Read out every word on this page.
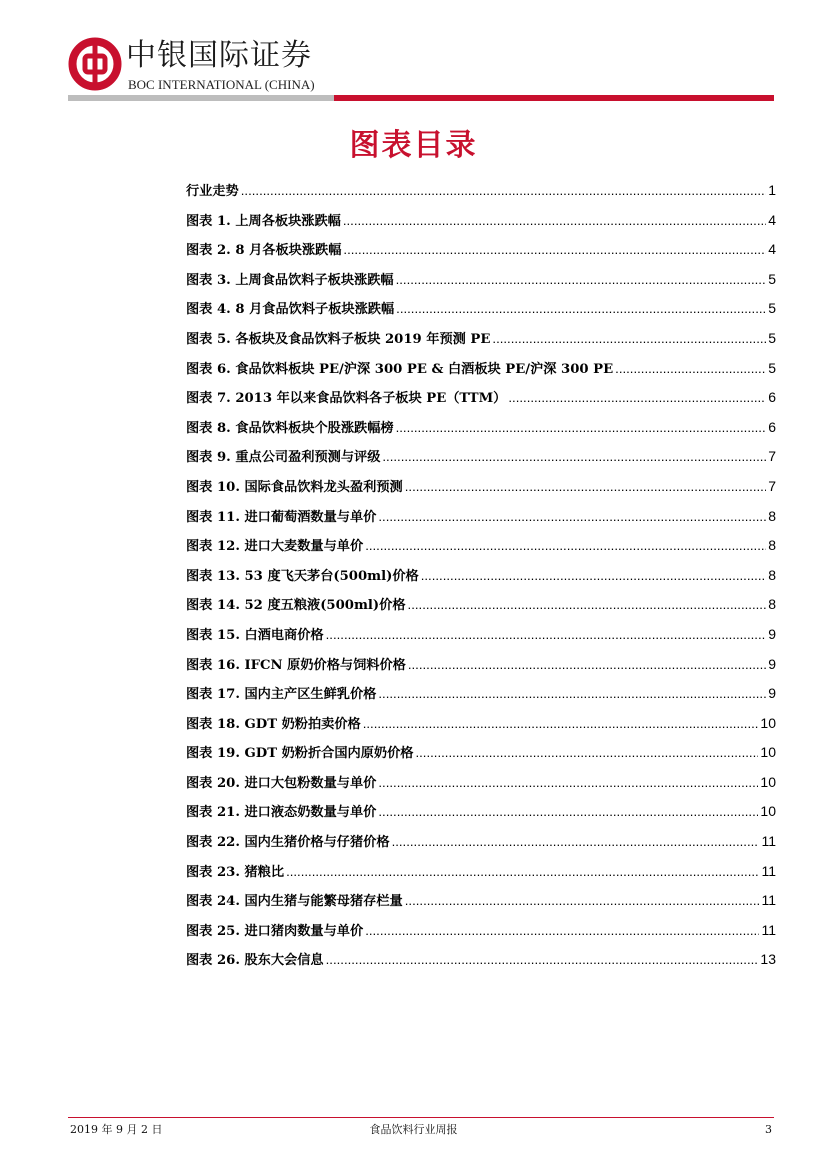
中银国际证券
BOC INTERNATIONAL (CHINA)
图表目录
行业走势 .....	1
图表 1. 上周各板块涨跌幅 .....	4
图表 2. 8 月各板块涨跌幅 .....	4
图表 3. 上周食品饮料子板块涨跌幅 .....	5
图表 4. 8 月食品饮料子板块涨跌幅 .....	5
图表 5. 各板块及食品饮料子板块 2019 年预测 PE .....	5
图表 6. 食品饮料板块 PE/沪深 300 PE & 白酒板块 PE/沪深 300 PE .....	5
图表 7. 2013 年以来食品饮料各子板块 PE（TTM） .....	6
图表 8. 食品饮料板块个股涨跌幅榜 .....	6
图表 9. 重点公司盈利预测与评级 .....	7
图表 10. 国际食品饮料龙头盈利预测 .....	7
图表 11. 进口葡萄酒数量与单价 .....	8
图表 12. 进口大麦数量与单价 .....	8
图表 13. 53 度飞天茅台(500ml)价格 .....	8
图表 14. 52 度五粮液(500ml)价格 .....	8
图表 15. 白酒电商价格 .....	9
图表 16. IFCN 原奶价格与饲料价格 .....	9
图表 17. 国内主产区生鲜乳价格 .....	9
图表 18. GDT 奶粉拍卖价格 .....	10
图表 19. GDT 奶粉折合国内原奶价格 .....	10
图表 20. 进口大包粉数量与单价 .....	10
图表 21. 进口液态奶数量与单价 .....	10
图表 22. 国内生猪价格与仔猪价格 .....	11
图表 23. 猪粮比 .....	11
图表 24. 国内生猪与能繁母猪存栏量 .....	11
图表 25. 进口猪肉数量与单价 .....	11
图表 26. 股东大会信息 .....	13
2019 年 9 月 2 日	食品饮料行业周报	3
